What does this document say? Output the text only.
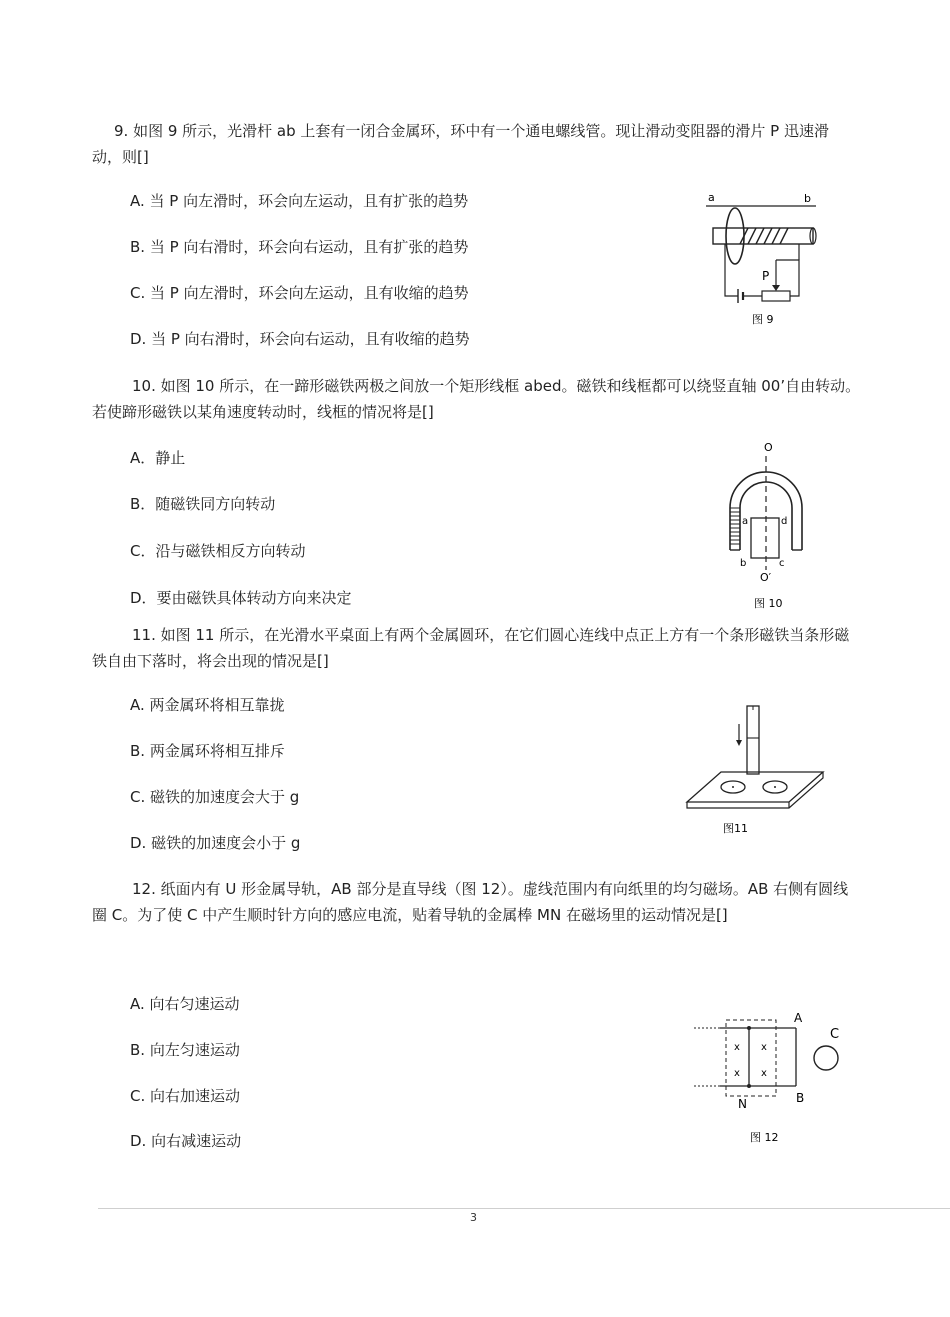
9. 如图 9 所示，光滑杆 ab 上套有一闭合金属环，环中有一个通电螺线管。现让滑动变阻器的滑片 P 迅速滑动，则[]
A. 当 P 向左滑时，环会向左运动，且有扩张的趋势
B. 当 P 向右滑时，环会向右运动，且有扩张的趋势
C. 当 P 向左滑时，环会向左运动，且有收缩的趋势
D. 当 P 向右滑时，环会向右运动，且有收缩的趋势
a	b
P
图 9
10. 如图 10 所示，在一蹄形磁铁两极之间放一个矩形线框 abed。磁铁和线框都可以绕竖直轴 00’自由转动。若使蹄形磁铁以某角速度转动时，线框的情况将是[]
A．静止
B．随磁铁同方向转动
C．沿与磁铁相反方向转动
D．要由磁铁具体转动方向来决定
O
a	d
b	c
O′
图 10
11. 如图 11 所示，在光滑水平桌面上有两个金属圆环，在它们圆心连线中点正上方有一个条形磁铁当条形磁铁自由下落时，将会出现的情况是[]
A. 两金属环将相互靠拢
B. 两金属环将相互排斥
C. 磁铁的加速度会大于 g
D. 磁铁的加速度会小于 g
图11
12. 纸面内有 U 形金属导轨，AB 部分是直导线（图 12）。虚线范围内有向纸里的均匀磁场。AB 右侧有圆线圈 C。为了使 C 中产生顺时针方向的感应电流，贴着导轨的金属棒 MN 在磁场里的运动情况是[]
A. 向右匀速运动
B. 向左匀速运动
C. 向右加速运动
D. 向右减速运动
x x
x x
A
C
B
N
图 12
3
